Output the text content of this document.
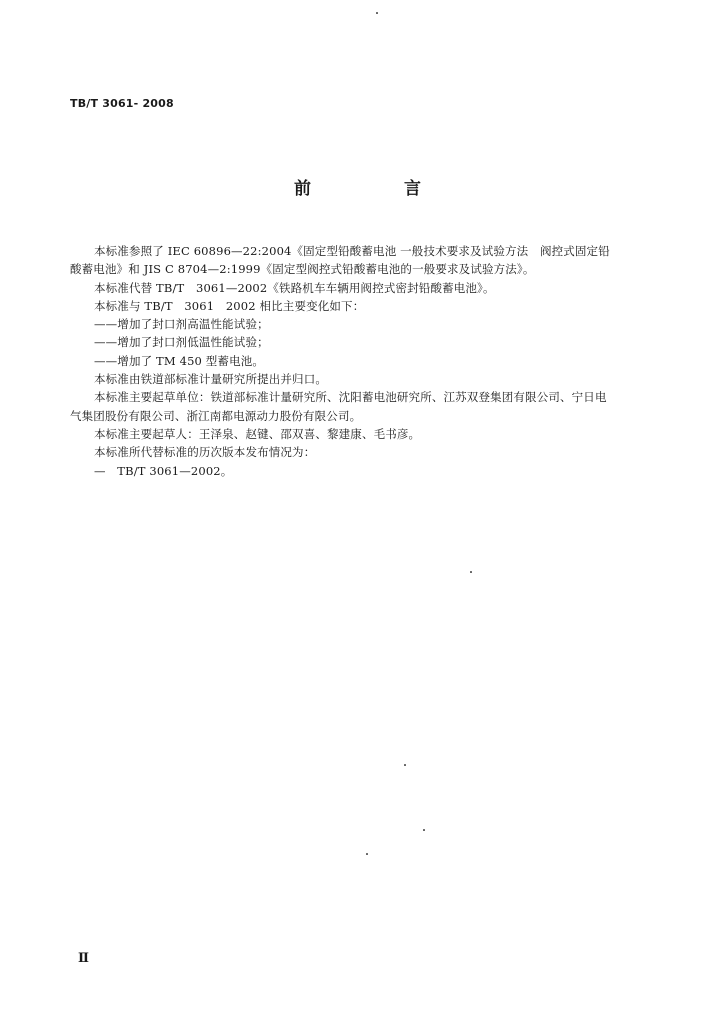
TB/T 3061- 2008
前　言

本标准参照了 IEC 60896—22:2004《固定型铅酸蓄电池 一般技术要求及试验方法　阀控式固定铅

酸蓄电池》和 JIS C 8704—2:1999《固定型阀控式铅酸蓄电池的一般要求及试验方法》。

本标准代替 TB/T　3061—2002《铁路机车车辆用阀控式密封铅酸蓄电池》。

本标准与 TB/T　3061　2002 相比主要变化如下：

——增加了封口剂高温性能试验；

——增加了封口剂低温性能试验；

——增加了 TM 450 型蓄电池。

本标准由铁道部标准计量研究所提出并归口。

本标准主要起草单位：铁道部标准计量研究所、沈阳蓄电池研究所、江苏双登集团有限公司、宁日电

气集团股份有限公司、浙江南都电源动力股份有限公司。

本标准主要起草人：王泽泉、赵键、邵双喜、黎建康、毛书彦。

本标准所代替标准的历次版本发布情况为：

—　TB/T 3061—2002。

Ⅱ
